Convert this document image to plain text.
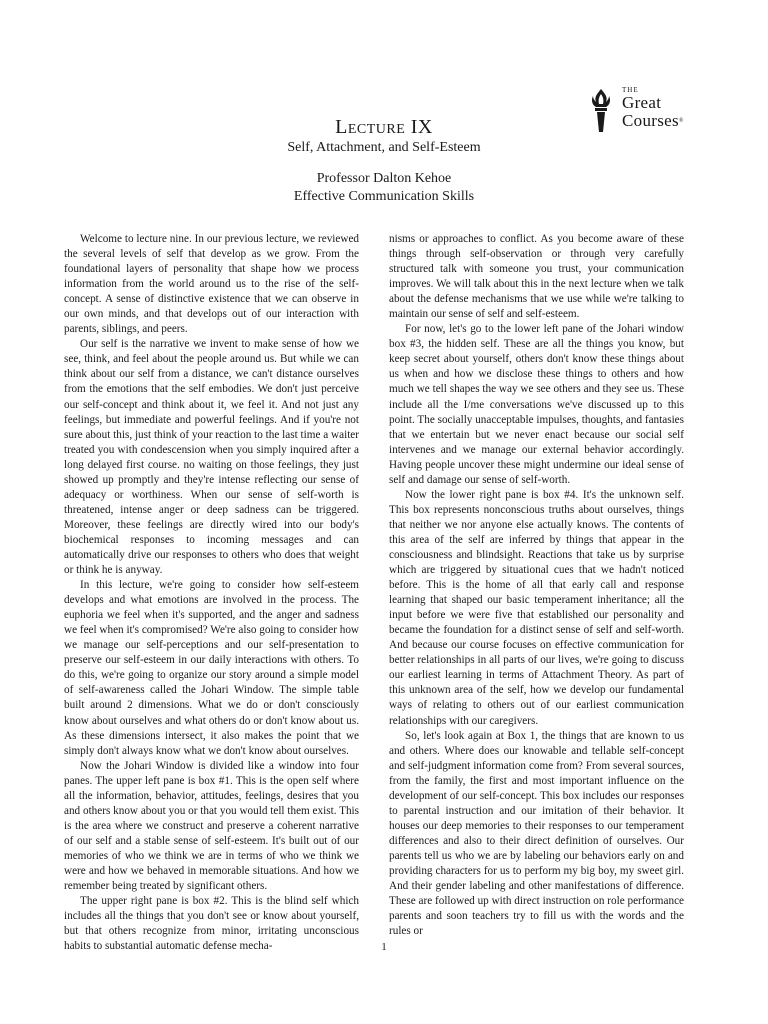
THE
Great
Courses®
Lecture IX
Self, Attachment, and Self-Esteem
Professor Dalton Kehoe
Effective Communication Skills

Welcome to lecture nine. In our previous lecture, we reviewed the several levels of self that develop as we grow. From the foundational layers of personality that shape how we process information from the world around us to the rise of the self-concept. A sense of distinctive existence that we can observe in our own minds, and that develops out of our interaction with parents, siblings, and peers.

Our self is the narrative we invent to make sense of how we see, think, and feel about the people around us. But while we can think about our self from a distance, we can't distance ourselves from the emotions that the self embodies. We don't just perceive our self-concept and think about it, we feel it. And not just any feelings, but immediate and powerful feelings. And if you're not sure about this, just think of your reaction to the last time a waiter treated you with condescension when you simply inquired after a long delayed first course. no waiting on those feelings, they just showed up promptly and they're intense reflecting our sense of adequacy or worthiness. When our sense of self-worth is threatened, intense anger or deep sadness can be triggered. Moreover, these feelings are directly wired into our body's biochemical responses to incoming messages and can automatically drive our responses to others who does that weight or think he is anyway.

In this lecture, we're going to consider how self-esteem develops and what emotions are involved in the process. The euphoria we feel when it's supported, and the anger and sadness we feel when it's compromised? We're also going to consider how we manage our self-perceptions and our self-presentation to preserve our self-esteem in our daily interactions with others. To do this, we're going to organize our story around a simple model of self-awareness called the Johari Window. The simple table built around 2 dimensions. What we do or don't consciously know about ourselves and what others do or don't know about us. As these dimensions intersect, it also makes the point that we simply don't always know what we don't know about ourselves.

Now the Johari Window is divided like a window into four panes. The upper left pane is box #1. This is the open self where all the information, behavior, attitudes, feelings, desires that you and others know about you or that you would tell them exist. This is the area where we construct and preserve a coherent narrative of our self and a stable sense of self-esteem. It's built out of our memories of who we think we are in terms of who we think we were and how we behaved in memorable situations. And how we remember being treated by significant others.

The upper right pane is box #2. This is the blind self which includes all the things that you don't see or know about yourself, but that others recognize from minor, irritating unconscious habits to substantial automatic defense mecha-

nisms or approaches to conflict. As you become aware of these things through self-observation or through very carefully structured talk with someone you trust, your communication improves. We will talk about this in the next lecture when we talk about the defense mechanisms that we use while we're talking to maintain our sense of self and self-esteem.

For now, let's go to the lower left pane of the Johari window box #3, the hidden self. These are all the things you know, but keep secret about yourself, others don't know these things about us when and how we disclose these things to others and how much we tell shapes the way we see others and they see us. These include all the I/me conversations we've discussed up to this point. The socially unacceptable impulses, thoughts, and fantasies that we entertain but we never enact because our social self intervenes and we manage our external behavior accordingly. Having people uncover these might undermine our ideal sense of self and damage our sense of self-worth.

Now the lower right pane is box #4. It's the unknown self. This box represents nonconscious truths about ourselves, things that neither we nor anyone else actually knows. The contents of this area of the self are inferred by things that appear in the consciousness and blindsight. Reactions that take us by surprise which are triggered by situational cues that we hadn't noticed before. This is the home of all that early call and response learning that shaped our basic temperament inheritance; all the input before we were five that established our personality and became the foundation for a distinct sense of self and self-worth. And because our course focuses on effective communication for better relationships in all parts of our lives, we're going to discuss our earliest learning in terms of Attachment Theory. As part of this unknown area of the self, how we develop our fundamental ways of relating to others out of our earliest communication relationships with our caregivers.

So, let's look again at Box 1, the things that are known to us and others. Where does our knowable and tellable self-concept and self-judgment information come from? From several sources, from the family, the first and most important influence on the development of our self-concept. This box includes our responses to parental instruction and our imitation of their behavior. It houses our deep memories to their responses to our temperament differences and also to their direct definition of ourselves. Our parents tell us who we are by labeling our behaviors early on and providing characters for us to perform my big boy, my sweet girl. And their gender labeling and other manifestations of difference. These are followed up with direct instruction on role performance parents and soon teachers try to fill us with the words and the rules or

1
